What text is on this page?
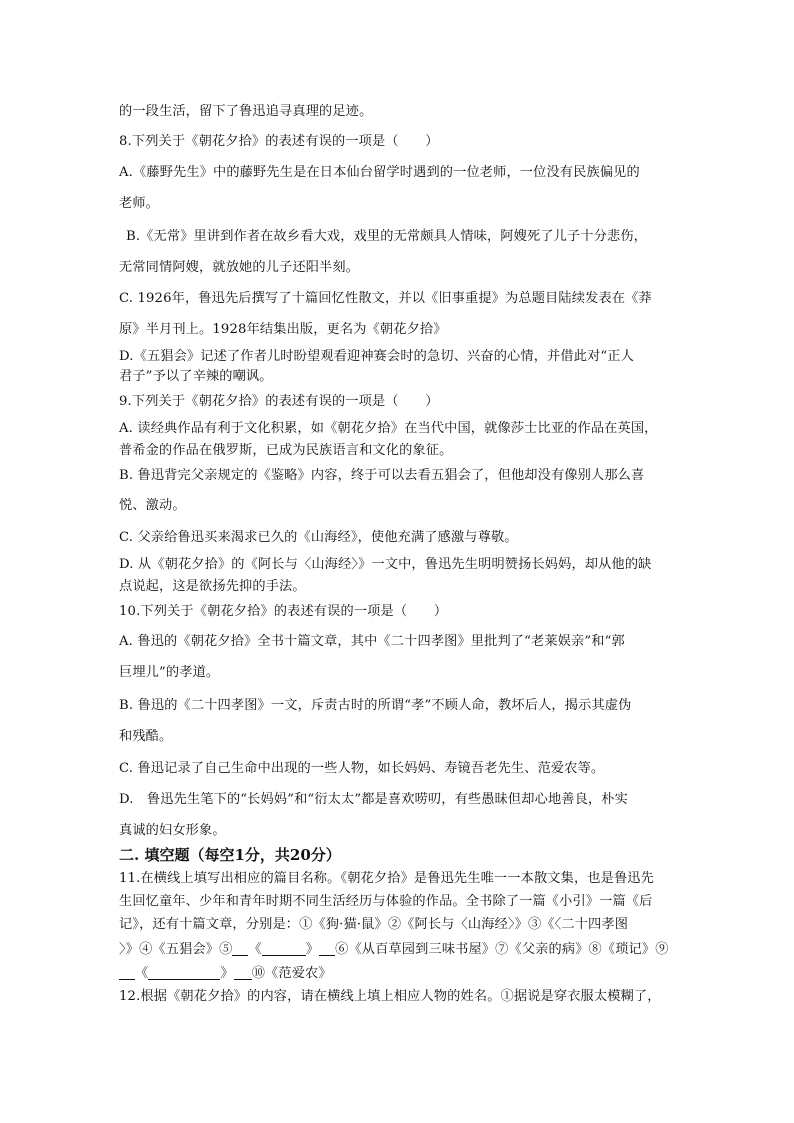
的一段生活，留下了鲁迅追寻真理的足迹。
8.下列关于《朝花夕拾》的表述有误的一项是（　　）
A.《藤野先生》中的藤野先生是在日本仙台留学时遇到的一位老师，一位没有民族偏见的
老师。
B.《无常》里讲到作者在故乡看大戏，戏里的无常颇具人情味，阿嫂死了儿子十分悲伤，
无常同情阿嫂，就放她的儿子还阳半刻。
C. 1926年，鲁迅先后撰写了十篇回忆性散文，并以《旧事重提》为总题目陆续发表在《莽
原》半月刊上。1928年结集出版，更名为《朝花夕拾》
D.《五猖会》记述了作者儿时盼望观看迎神赛会时的急切、兴奋的心情，并借此对“正人
君子”予以了辛辣的嘲讽。
9.下列关于《朝花夕拾》的表述有误的一项是（　　）
A. 读经典作品有利于文化积累，如《朝花夕拾》在当代中国，就像莎士比亚的作品在英国，
普希金的作品在俄罗斯，已成为民族语言和文化的象征。
B. 鲁迅背完父亲规定的《鉴略》内容，终于可以去看五猖会了，但他却没有像别人那么喜
悦、激动。
C. 父亲给鲁迅买来渴求已久的《山海经》，使他充满了感激与尊敬。
D. 从《朝花夕拾》的《阿长与〈山海经〉》一文中，鲁迅先生明明赞扬长妈妈，却从他的缺
点说起，这是欲扬先抑的手法。
10.下列关于《朝花夕拾》的表述有误的一项是（　　）
A. 鲁迅的《朝花夕拾》全书十篇文章，其中《二十四孝图》里批判了“老莱娱亲”和“郭
巨埋儿”的孝道。
B. 鲁迅的《二十四孝图》一文，斥责古时的所谓“孝”不顾人命，教坏后人，揭示其虚伪
和残酷。
C. 鲁迅记录了自己生命中出现的一些人物，如长妈妈、寿镜吾老先生、范爱农等。
D.　鲁迅先生笔下的“长妈妈”和“衍太太”都是喜欢唠叨，有些愚昧但却心地善良，朴实
真诚的妇女形象。
二. 填空题（每空1分，共20分）
11.在横线上填写出相应的篇目名称。《朝花夕拾》是鲁迅先生唯一一本散文集，也是鲁迅先
生回忆童年、少年和青年时期不同生活经历与体验的作品。全书除了一篇《小引》一篇《后
记》，还有十篇文章，分别是：①《狗·猫·鼠》②《阿长与〈山海经〉》③《〈二十四孝图
〉》④《五猖会》⑤ 《	》 ⑥《从百草园到三味书屋》⑦《父亲的病》⑧《琐记》⑨
《	》 ⑩《范爱农》
12.根据《朝花夕拾》的内容，请在横线上填上相应人物的姓名。①据说是穿衣服太模糊了，
